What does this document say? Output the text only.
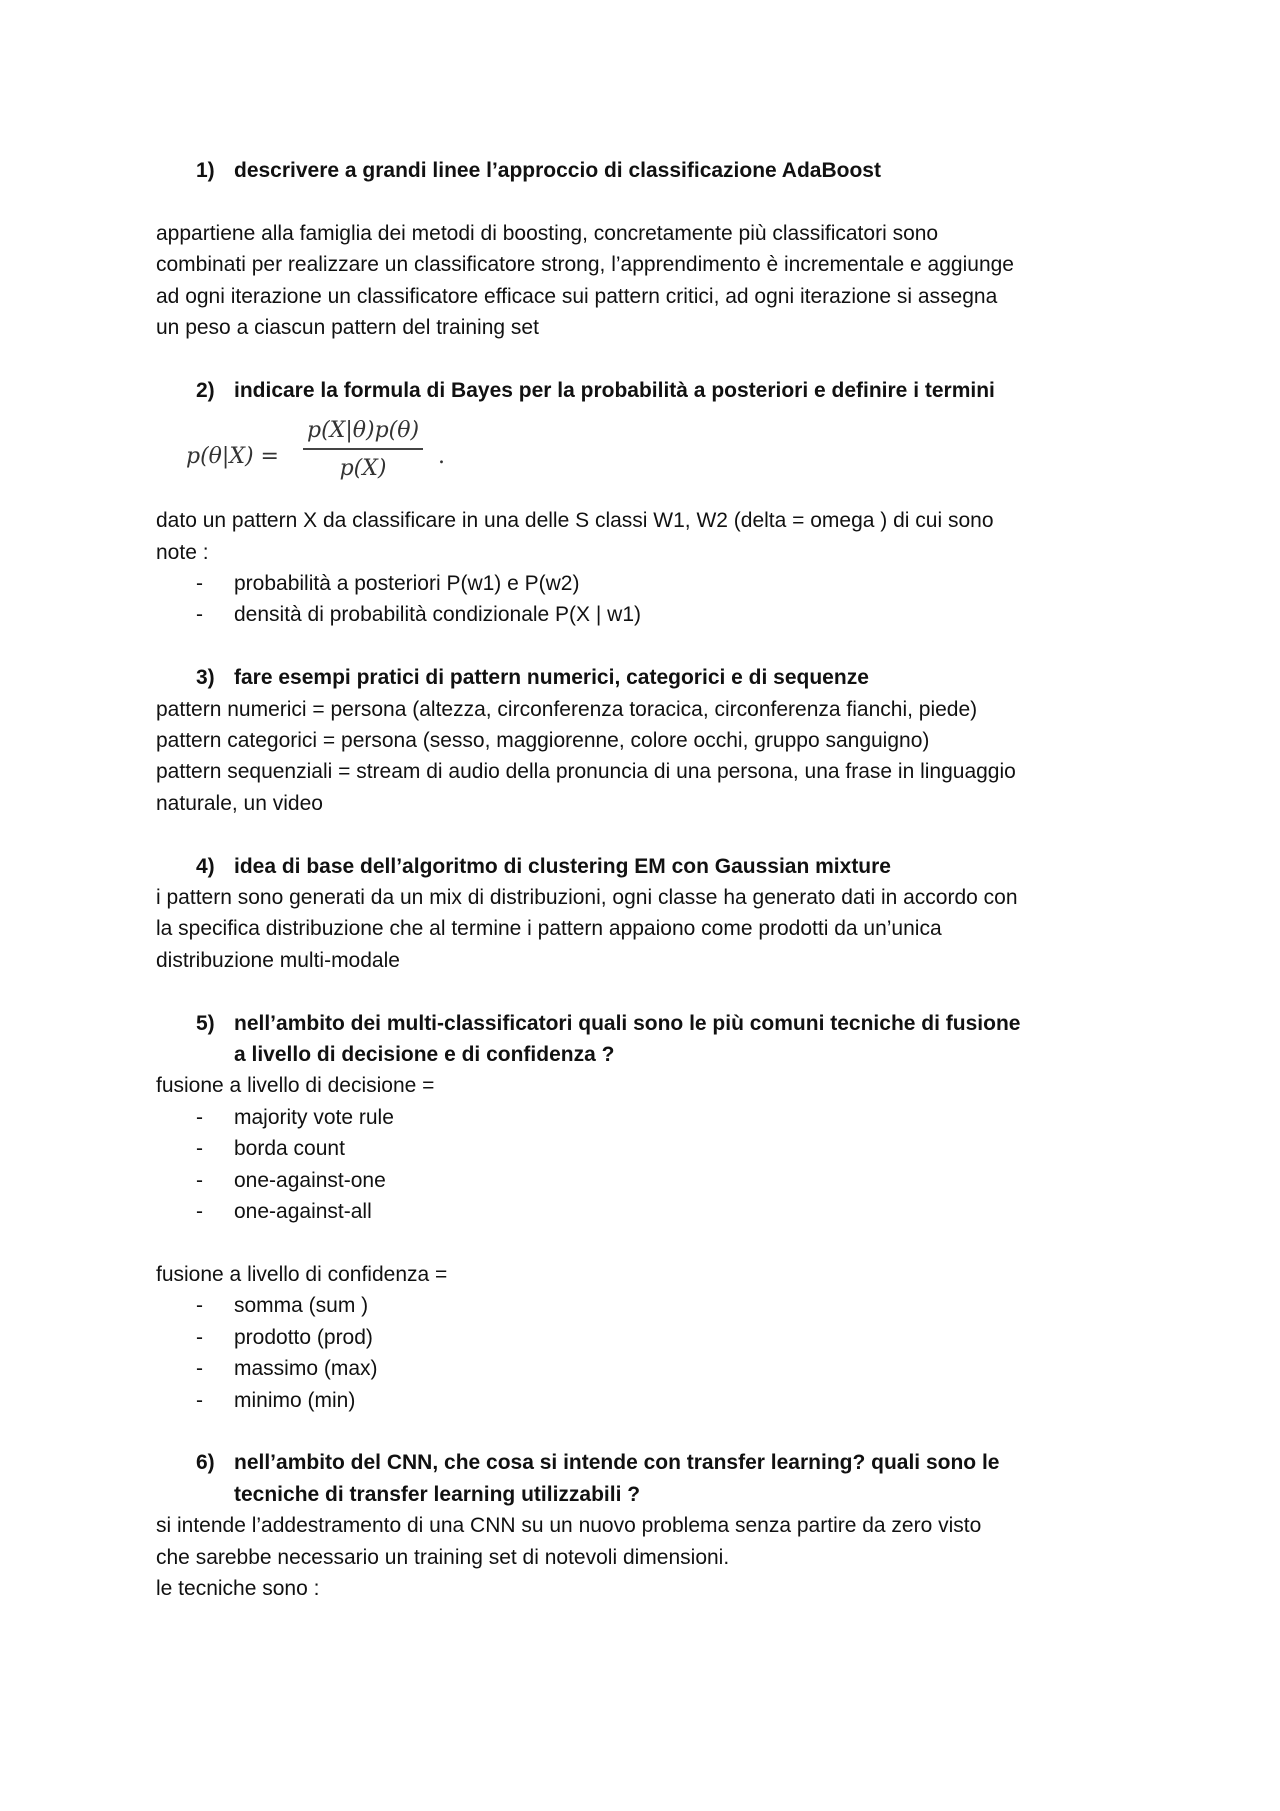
1) descrivere a grandi linee l’approccio di classificazione AdaBoost
appartiene alla famiglia dei metodi di boosting, concretamente più classificatori sono
combinati per realizzare un classificatore strong, l’apprendimento è incrementale e aggiunge
ad ogni iterazione un classificatore efficace sui pattern critici, ad ogni iterazione si assegna
un peso a ciascun pattern del training set
2) indicare la formula di Bayes per la probabilità a posteriori e definire i termini
$p(\theta|X) = \frac{p(X|\theta)p(\theta)}{p(X)}$ .
dato un pattern X da classificare in una delle S classi W1, W2 (delta = omega ) di cui sono
note :
- probabilità a posteriori P(w1) e P(w2)
- densità di probabilità condizionale P(X | w1)
3) fare esempi pratici di pattern numerici, categorici e di sequenze
pattern numerici = persona (altezza, circonferenza toracica, circonferenza fianchi, piede)
pattern categorici = persona (sesso, maggiorenne, colore occhi, gruppo sanguigno)
pattern sequenziali = stream di audio della pronuncia di una persona, una frase in linguaggio
naturale, un video
4) idea di base dell’algoritmo di clustering EM con Gaussian mixture
i pattern sono generati da un mix di distribuzioni, ogni classe ha generato dati in accordo con
la specifica distribuzione che al termine i pattern appaiono come prodotti da un’unica
distribuzione multi-modale
5) nell’ambito dei multi-classificatori quali sono le più comuni tecniche di fusione
a livello di decisione e di confidenza ?
fusione a livello di decisione =
- majority vote rule
- borda count
- one-against-one
- one-against-all
fusione a livello di confidenza =
- somma (sum )
- prodotto (prod)
- massimo (max)
- minimo (min)
6) nell’ambito del CNN, che cosa si intende con transfer learning? quali sono le
tecniche di transfer learning utilizzabili ?
si intende l’addestramento di una CNN su un nuovo problema senza partire da zero visto
che sarebbe necessario un training set di notevoli dimensioni.
le tecniche sono :
